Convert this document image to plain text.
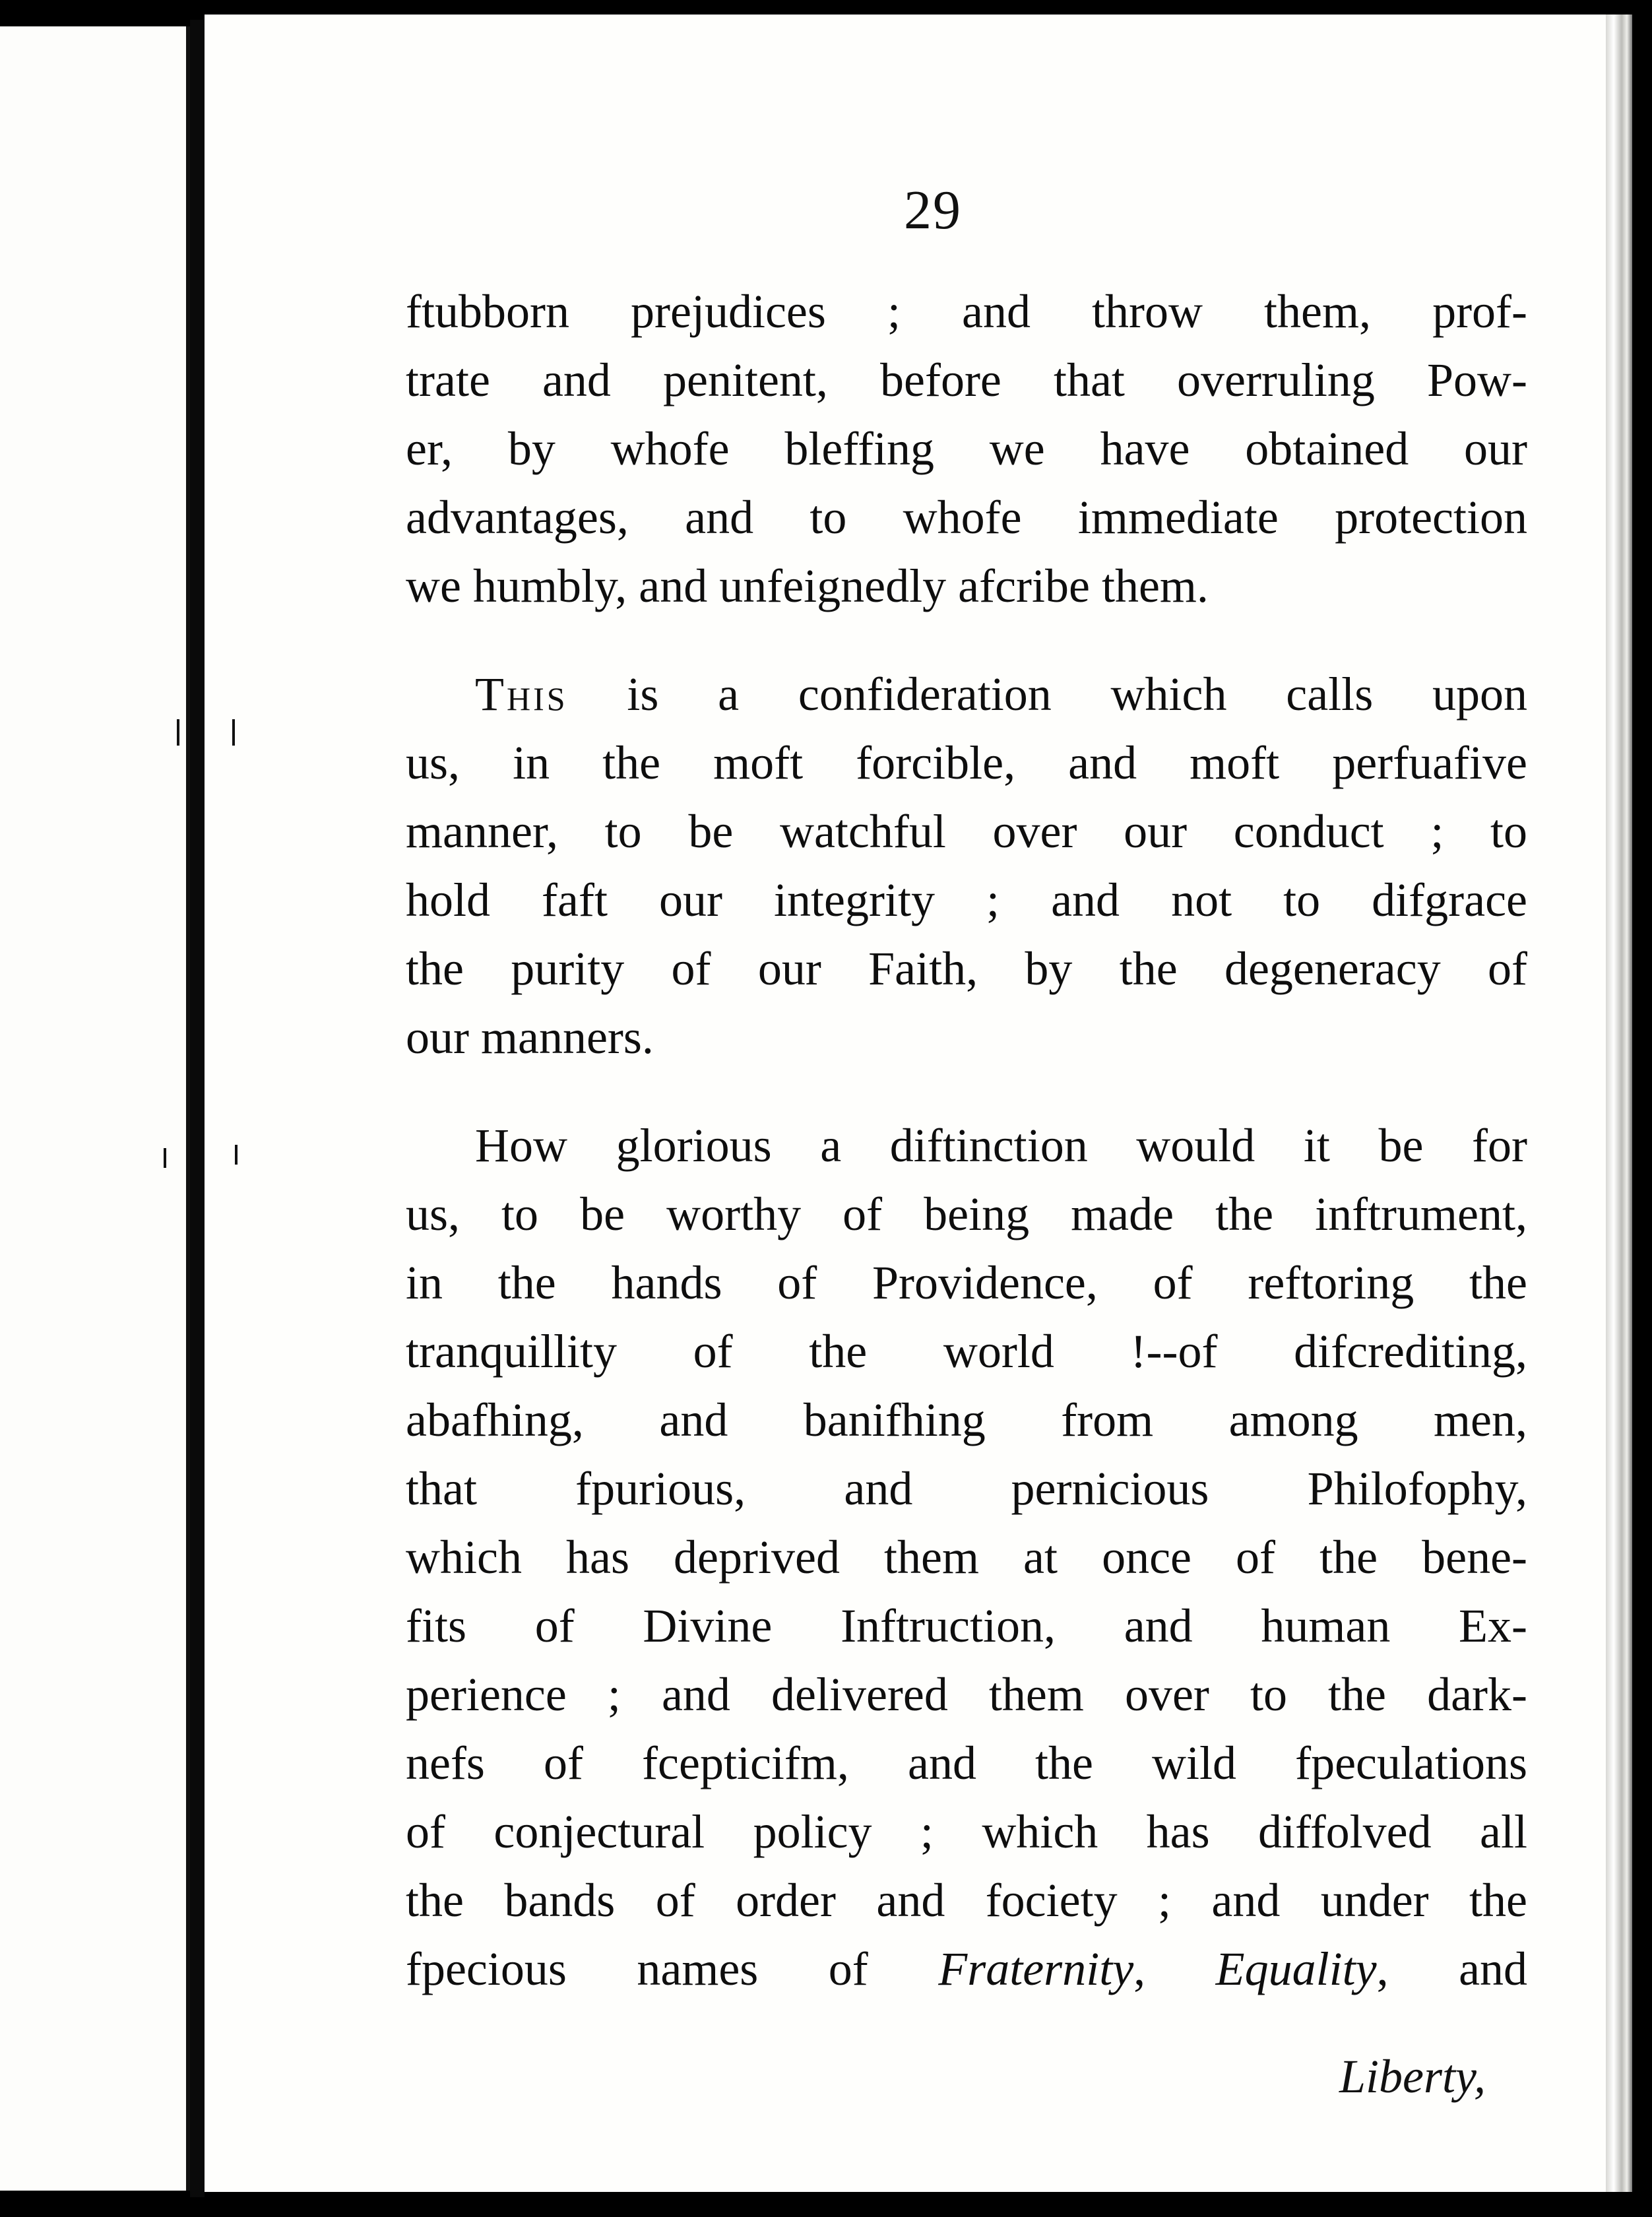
29
ftubborn prejudices ; and throw them, prof-
trate and penitent, before that overruling Pow-
er, by whofe bleffing we have obtained our
advantages, and to whofe immediate protection
we humbly, and unfeignedly afcribe them.
This is a confideration which calls upon
us, in the moft forcible, and moft perfuafive
manner, to be watchful over our conduct ; to
hold faft our integrity ; and not to difgrace
the purity of our Faith, by the degeneracy of
our manners.
How glorious a diftinction would it be for
us, to be worthy of being made the inftrument,
in the hands of Providence, of reftoring the
tranquillity of the world !--of difcrediting,
abafhing, and banifhing from among men,
that fpurious, and pernicious Philofophy,
which has deprived them at once of the bene-
fits of Divine Inftruction, and human Ex-
perience ; and delivered them over to the dark-
nefs of fcepticifm, and the wild fpeculations
of conjectural policy ; which has diffolved all
the bands of order and fociety ; and under the
fpecious names of Fraternity, Equality, and
Liberty,
